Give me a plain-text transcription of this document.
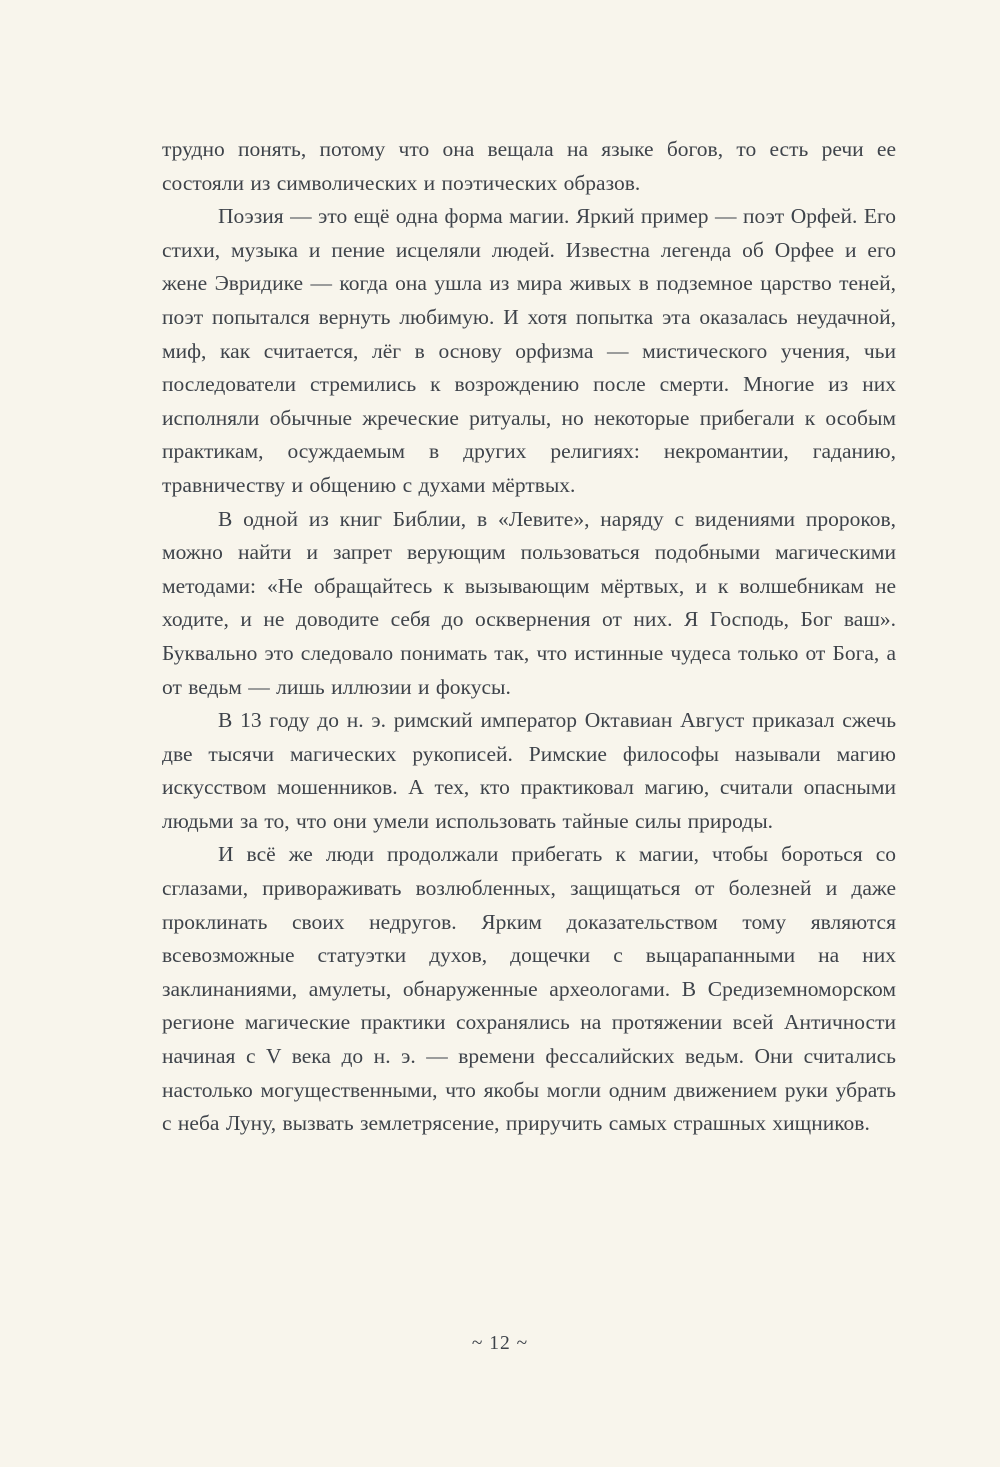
трудно понять, потому что она вещала на языке богов, то есть речи ее состояли из символических и поэтических образов.

Поэзия — это ещё одна форма магии. Яркий пример — поэт Орфей. Его стихи, музыка и пение исцеляли людей. Известна легенда об Орфее и его жене Эвридике — когда она ушла из мира живых в подземное царство теней, поэт попытался вернуть любимую. И хотя попытка эта оказалась неудачной, миф, как считается, лёг в основу орфизма — мистического учения, чьи последователи стремились к возрождению после смерти. Многие из них исполняли обычные жреческие ритуалы, но некоторые прибегали к особым практикам, осуждаемым в других религиях: некромантии, гаданию, травничеству и общению с духами мёртвых.

В одной из книг Библии, в «Левите», наряду с видениями пророков, можно найти и запрет верующим пользоваться подобными магическими методами: «Не обращайтесь к вызывающим мёртвых, и к волшебникам не ходите, и не доводите себя до осквернения от них. Я Господь, Бог ваш». Буквально это следовало понимать так, что истинные чудеса только от Бога, а от ведьм — лишь иллюзии и фокусы.

В 13 году до н. э. римский император Октавиан Август приказал сжечь две тысячи магических рукописей. Римские философы называли магию искусством мошенников. А тех, кто практиковал магию, считали опасными людьми за то, что они умели использовать тайные силы природы.

И всё же люди продолжали прибегать к магии, чтобы бороться со сглазами, привораживать возлюбленных, защищаться от болезней и даже проклинать своих недругов. Ярким доказательством тому являются всевозможные статуэтки духов, дощечки с выцарапанными на них заклинаниями, амулеты, обнаруженные археологами. В Средиземноморском регионе магические практики сохранялись на протяжении всей Античности начиная с V века до н. э. — времени фессалийских ведьм. Они считались настолько могущественными, что якобы могли одним движением руки убрать с неба Луну, вызвать землетрясение, приручить самых страшных хищников.

~ 12 ~
